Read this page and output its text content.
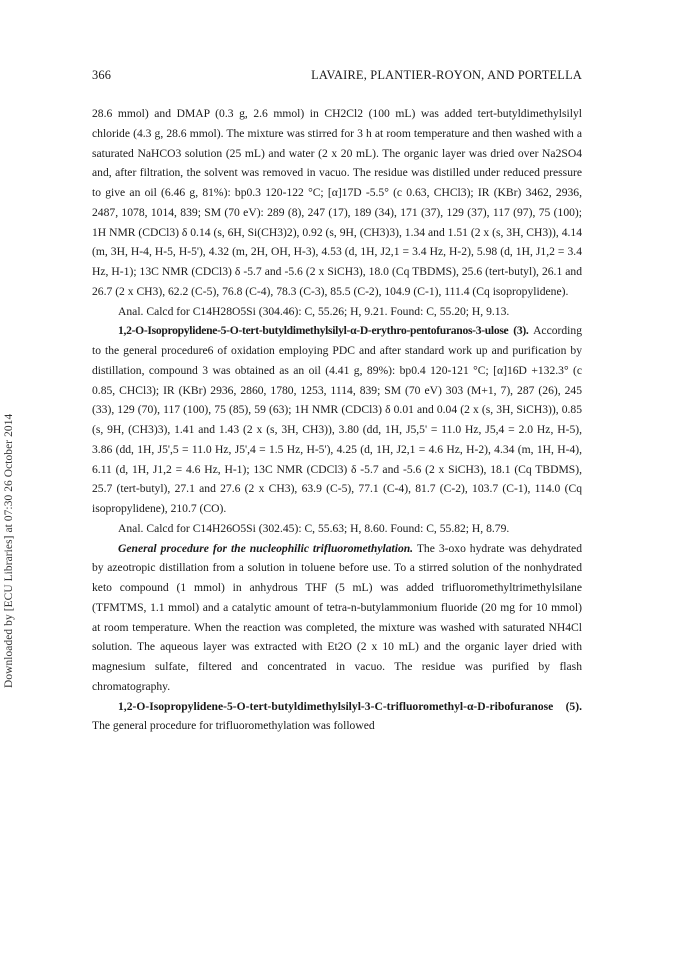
366	LAVAIRE, PLANTIER-ROYON, AND PORTELLA
Downloaded by [ECU Libraries] at 07:30 26 October 2014

28.6 mmol) and DMAP (0.3 g, 2.6 mmol) in CH2Cl2 (100 mL) was added tert-butyldimethylsilyl chloride (4.3 g, 28.6 mmol). The mixture was stirred for 3 h at room temperature and then washed with a saturated NaHCO3 solution (25 mL) and water (2 x 20 mL). The organic layer was dried over Na2SO4 and, after filtration, the solvent was removed in vacuo. The residue was distilled under reduced pressure to give an oil (6.46 g, 81%): bp0.3 120-122 °C; [α]17D -5.5° (c 0.63, CHCl3); IR (KBr) 3462, 2936, 2487, 1078, 1014, 839; SM (70 eV): 289 (8), 247 (17), 189 (34), 171 (37), 129 (37), 117 (97), 75 (100); 1H NMR (CDCl3) δ 0.14 (s, 6H, Si(CH3)2), 0.92 (s, 9H, (CH3)3), 1.34 and 1.51 (2 x (s, 3H, CH3)), 4.14 (m, 3H, H-4, H-5, H-5'), 4.32 (m, 2H, OH, H-3), 4.53 (d, 1H, J2,1 = 3.4 Hz, H-2), 5.98 (d, 1H, J1,2 = 3.4 Hz, H-1); 13C NMR (CDCl3) δ -5.7 and -5.6 (2 x SiCH3), 18.0 (Cq TBDMS), 25.6 (tert-butyl), 26.1 and 26.7 (2 x CH3), 62.2 (C-5), 76.8 (C-4), 78.3 (C-3), 85.5 (C-2), 104.9 (C-1), 111.4 (Cq isopropylidene).

Anal. Calcd for C14H28O5Si (304.46): C, 55.26; H, 9.21. Found: C, 55.20; H, 9.13.

1,2-O-Isopropylidene-5-O-tert-butyldimethylsilyl-α-D-erythro-pentofuranos-3-ulose (3). According to the general procedure6 of oxidation employing PDC and after standard work up and purification by distillation, compound 3 was obtained as an oil (4.41 g, 89%): bp0.4 120-121 °C; [α]16D +132.3° (c 0.85, CHCl3); IR (KBr) 2936, 2860, 1780, 1253, 1114, 839; SM (70 eV) 303 (M+1, 7), 287 (26), 245 (33), 129 (70), 117 (100), 75 (85), 59 (63); 1H NMR (CDCl3) δ 0.01 and 0.04 (2 x (s, 3H, SiCH3)), 0.85 (s, 9H, (CH3)3), 1.41 and 1.43 (2 x (s, 3H, CH3)), 3.80 (dd, 1H, J5,5' = 11.0 Hz, J5,4 = 2.0 Hz, H-5), 3.86 (dd, 1H, J5',5 = 11.0 Hz, J5',4 = 1.5 Hz, H-5'), 4.25 (d, 1H, J2,1 = 4.6 Hz, H-2), 4.34 (m, 1H, H-4), 6.11 (d, 1H, J1,2 = 4.6 Hz, H-1); 13C NMR (CDCl3) δ -5.7 and -5.6 (2 x SiCH3), 18.1 (Cq TBDMS), 25.7 (tert-butyl), 27.1 and 27.6 (2 x CH3), 63.9 (C-5), 77.1 (C-4), 81.7 (C-2), 103.7 (C-1), 114.0 (Cq isopropylidene), 210.7 (CO).

Anal. Calcd for C14H26O5Si (302.45): C, 55.63; H, 8.60. Found: C, 55.82; H, 8.79.

General procedure for the nucleophilic trifluoromethylation. The 3-oxo hydrate was dehydrated by azeotropic distillation from a solution in toluene before use. To a stirred solution of the nonhydrated keto compound (1 mmol) in anhydrous THF (5 mL) was added trifluoromethyltrimethylsilane (TFMTMS, 1.1 mmol) and a catalytic amount of tetra-n-butylammonium fluoride (20 mg for 10 mmol) at room temperature. When the reaction was completed, the mixture was washed with saturated NH4Cl solution. The aqueous layer was extracted with Et2O (2 x 10 mL) and the organic layer dried with magnesium sulfate, filtered and concentrated in vacuo. The residue was purified by flash chromatography.

1,2-O-Isopropylidene-5-O-tert-butyldimethylsilyl-3-C-trifluoromethyl-α-D-ribofuranose (5). The general procedure for trifluoromethylation was followed
